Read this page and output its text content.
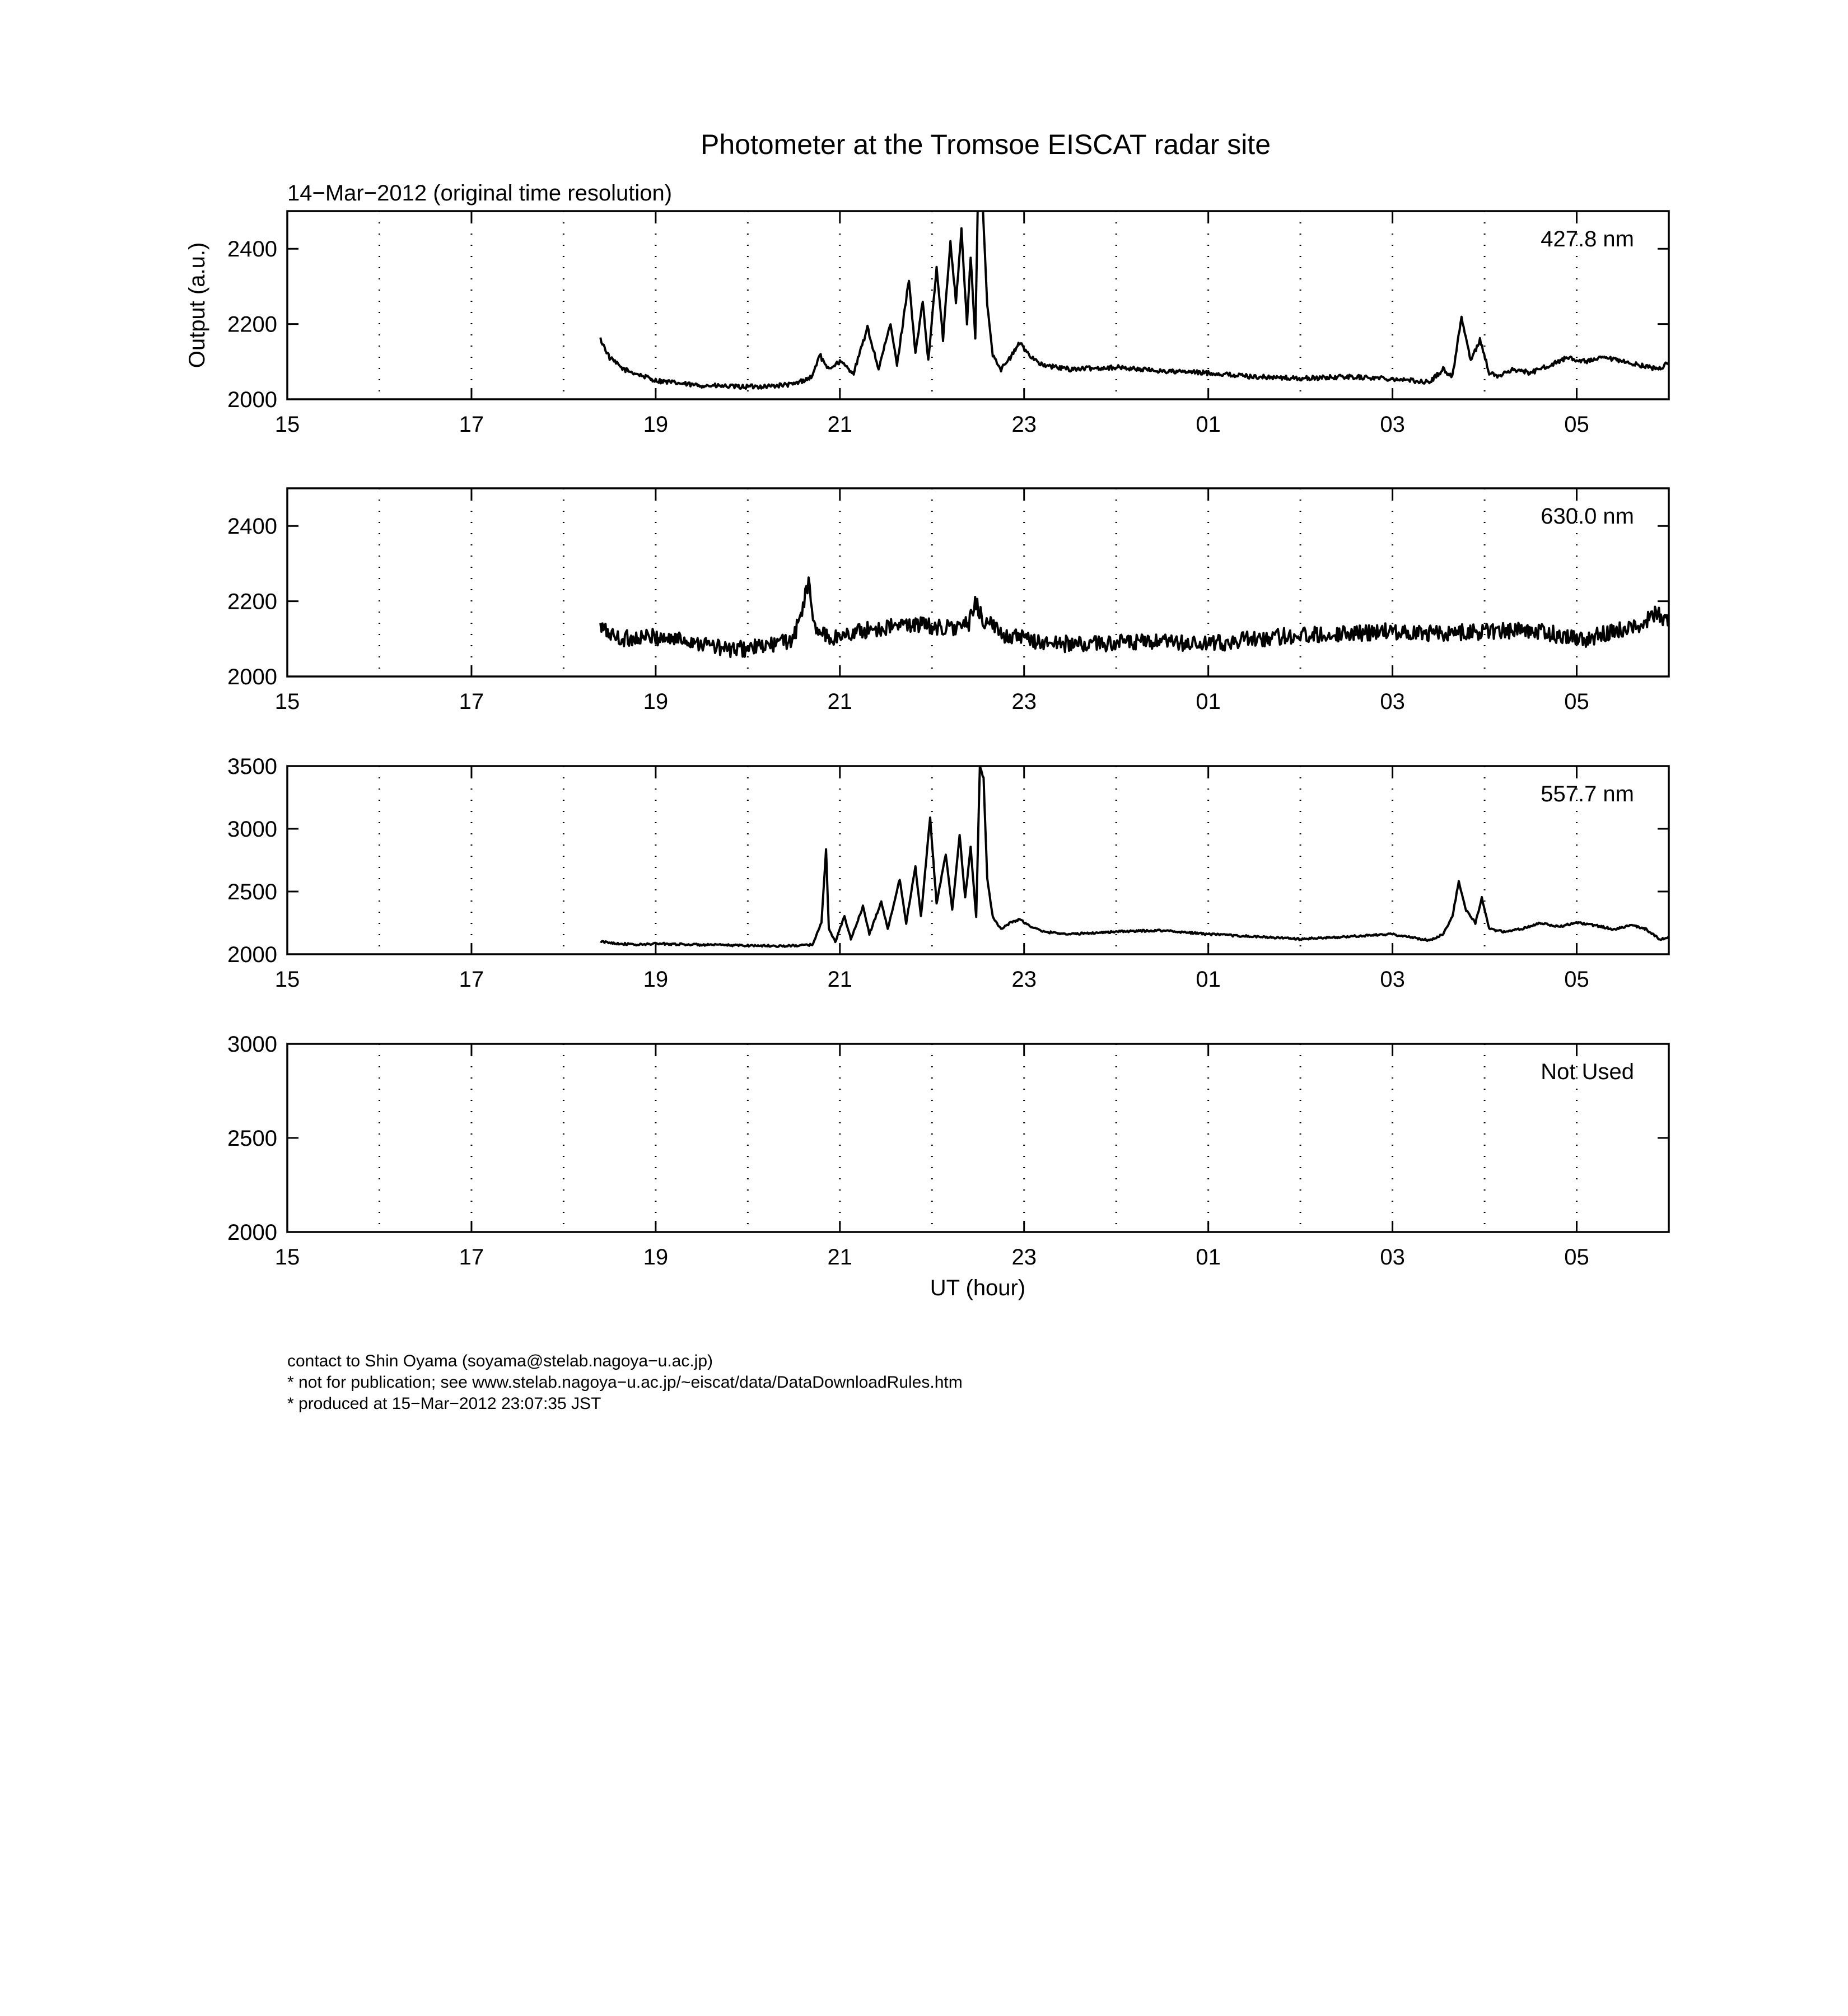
Photometer at the Tromsoe EISCAT radar site
14−Mar−2012 (original time resolution)
Output (a.u.)
UT (hour)
15	17	19	21	23	01	03	05
2000
2200
2400	427.8 nm
15	17	19	21	23	01	03	05
2000
2200
2400	630.0 nm
15	17	19	21	23	01	03	05
2000
2500
3000
3500
557.7 nm
15	17	19	21	23	01	03	05
2000
2500
3000
Not Used
contact to Shin Oyama (soyama@stelab.nagoya−u.ac.jp)
* not for publication; see www.stelab.nagoya−u.ac.jp/~eiscat/data/DataDownloadRules.htm
* produced at 15−Mar−2012 23:07:35 JST
